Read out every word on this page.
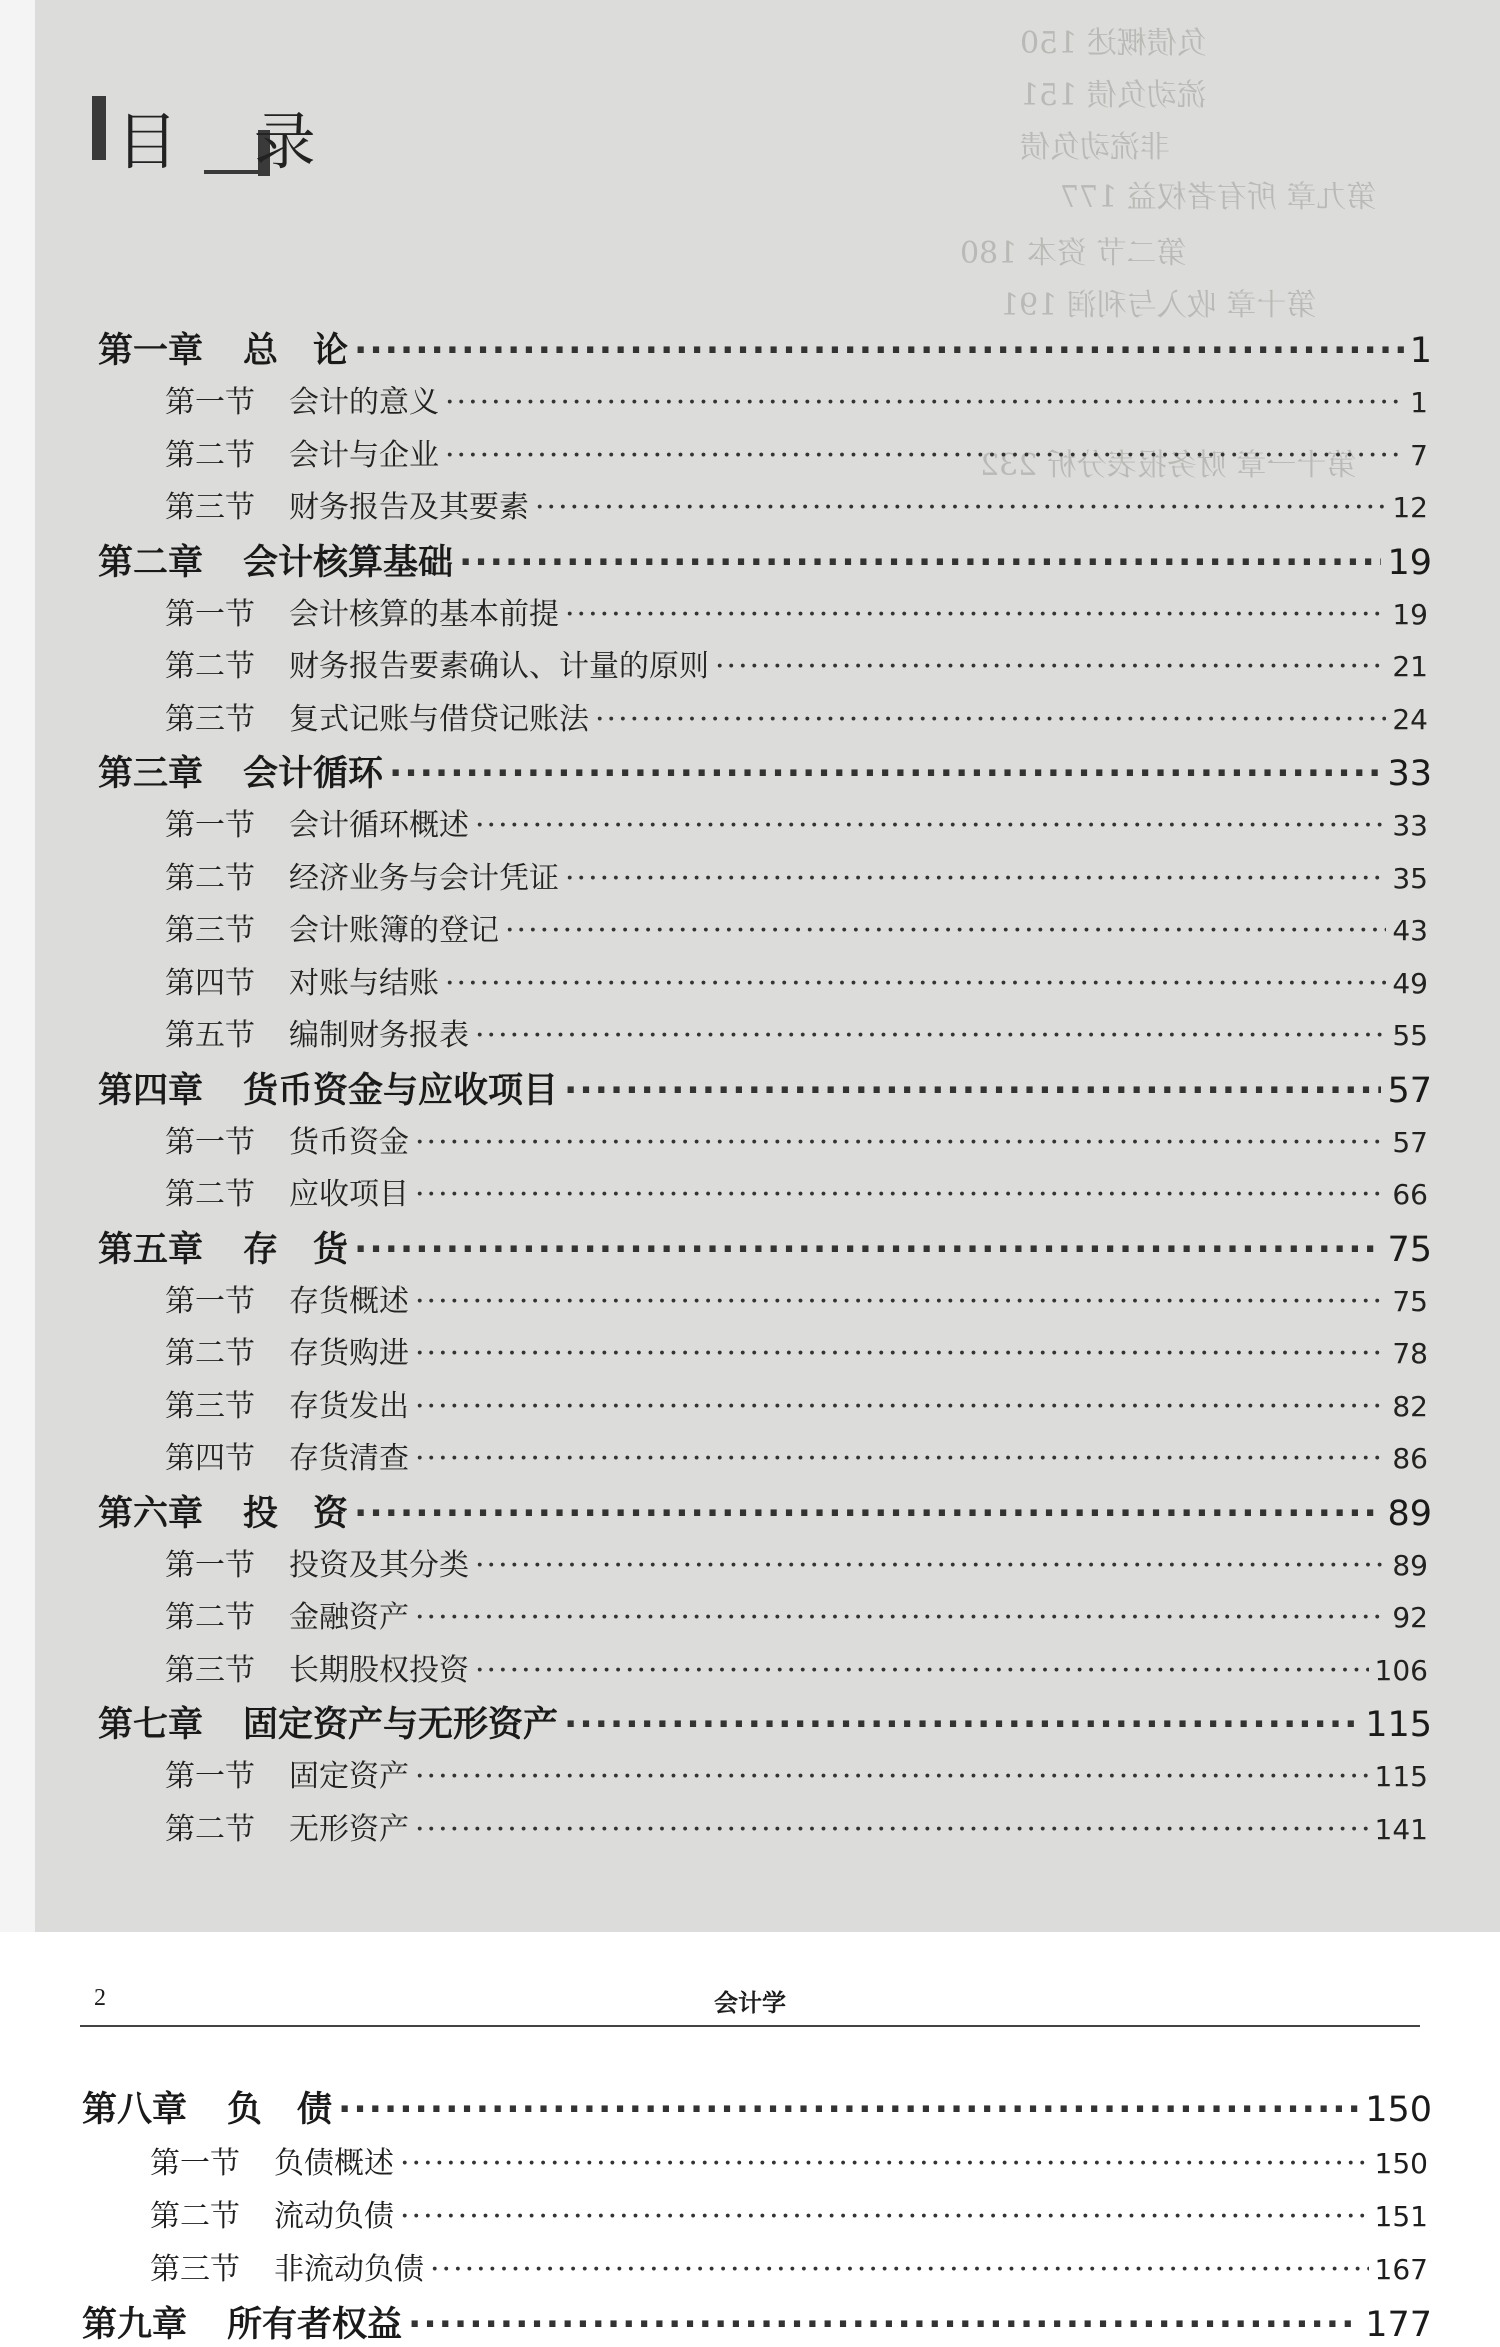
负债概述 150
流动负债 151
非流动负债
第九章 所有者权益 177
第二节 资本 180
第十章 收入与利润 191
第十一章 财务报表分析 232
目 录
第一章 总　论 ·····	1
第一节 会计的意义 ·····	1
第二节 会计与企业 ·····	7
第三节 财务报告及其要素 ·····	12
第二章 会计核算基础 ·····	19
第一节 会计核算的基本前提 ·····	19
第二节 财务报告要素确认、计量的原则 ·····	21
第三节 复式记账与借贷记账法 ·····	24
第三章 会计循环 ·····	33
第一节 会计循环概述 ·····	33
第二节 经济业务与会计凭证 ·····	35
第三节 会计账簿的登记 ·····	43
第四节 对账与结账 ·····	49
第五节 编制财务报表 ·····	55
第四章 货币资金与应收项目 ·····	57
第一节 货币资金 ·····	57
第二节 应收项目 ·····	66
第五章 存　货 ·····	75
第一节 存货概述 ·····	75
第二节 存货购进 ·····	78
第三节 存货发出 ·····	82
第四节 存货清查 ·····	86
第六章 投　资 ·····	89
第一节 投资及其分类 ·····	89
第二节 金融资产 ·····	92
第三节 长期股权投资 ·····	106
第七章 固定资产与无形资产 ·····	115
第一节 固定资产 ·····	115
第二节 无形资产 ·····	141
2	会计学
第八章 负　债 ·····	150
第一节 负债概述 ·····	150
第二节 流动负债 ·····	151
第三节 非流动负债 ·····	167
第九章 所有者权益 ·····	177
